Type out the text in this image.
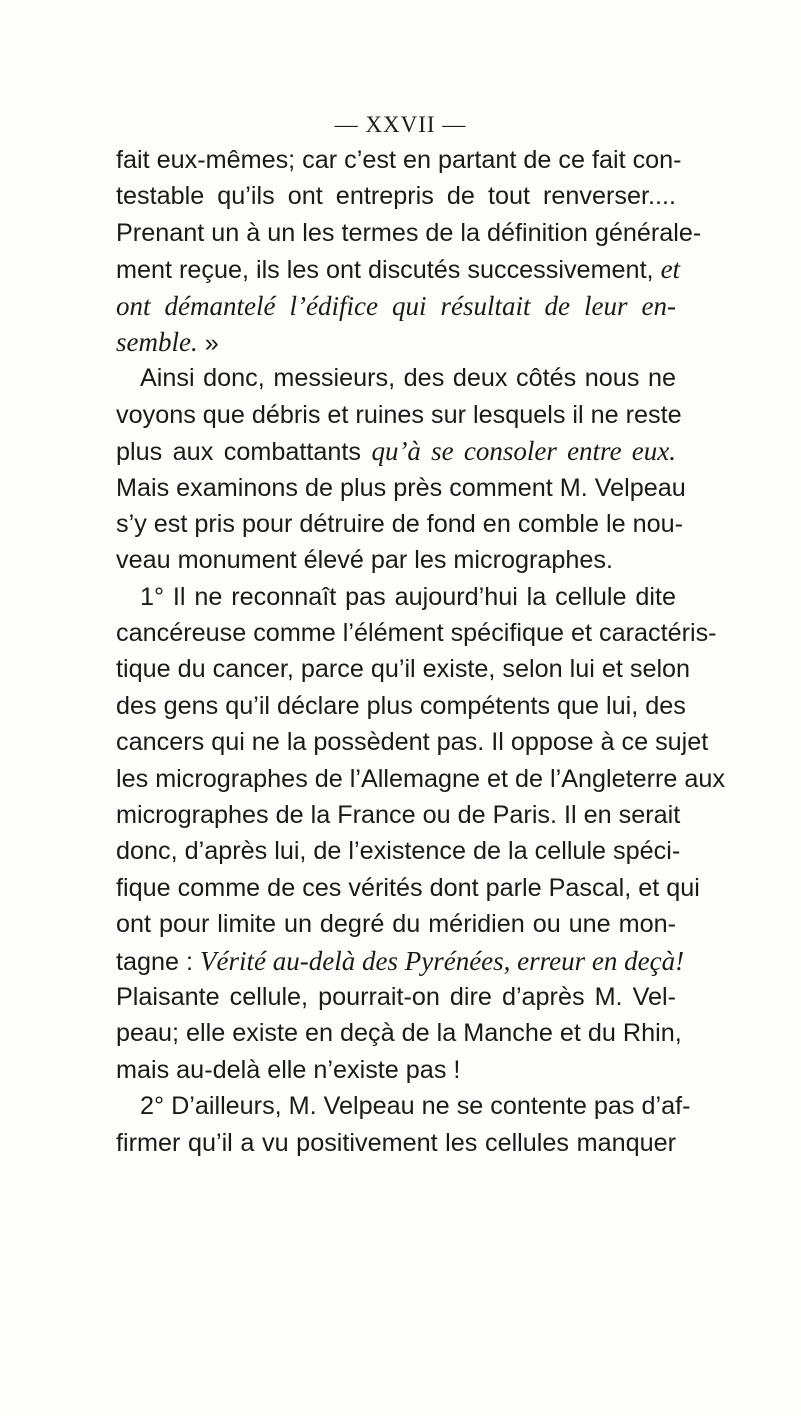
— XXVII —
fait eux-mêmes; car c’est en partant de ce fait con-
testable qu’ils ont entrepris de tout renverser....
Prenant un à un les termes de la définition générale-
ment reçue, ils les ont discutés successivement, et
ont démantelé l’édifice qui résultait de leur en-
semble. »
Ainsi donc, messieurs, des deux côtés nous ne
voyons que débris et ruines sur lesquels il ne reste
plus aux combattants qu’à se consoler entre eux.
Mais examinons de plus près comment M. Velpeau
s’y est pris pour détruire de fond en comble le nou-
veau monument élevé par les micrographes.
1° Il ne reconnaît pas aujourd’hui la cellule dite
cancéreuse comme l’élément spécifique et caractéris-
tique du cancer, parce qu’il existe, selon lui et selon
des gens qu’il déclare plus compétents que lui, des
cancers qui ne la possèdent pas. Il oppose à ce sujet
les micrographes de l’Allemagne et de l’Angleterre aux
micrographes de la France ou de Paris. Il en serait
donc, d’après lui, de l’existence de la cellule spéci-
fique comme de ces vérités dont parle Pascal, et qui
ont pour limite un degré du méridien ou une mon-
tagne : Vérité au-delà des Pyrénées, erreur en deçà!
Plaisante cellule, pourrait-on dire d’après M. Vel-
peau; elle existe en deçà de la Manche et du Rhin,
mais au-delà elle n’existe pas !
2° D’ailleurs, M. Velpeau ne se contente pas d’af-
firmer qu’il a vu positivement les cellules manquer
